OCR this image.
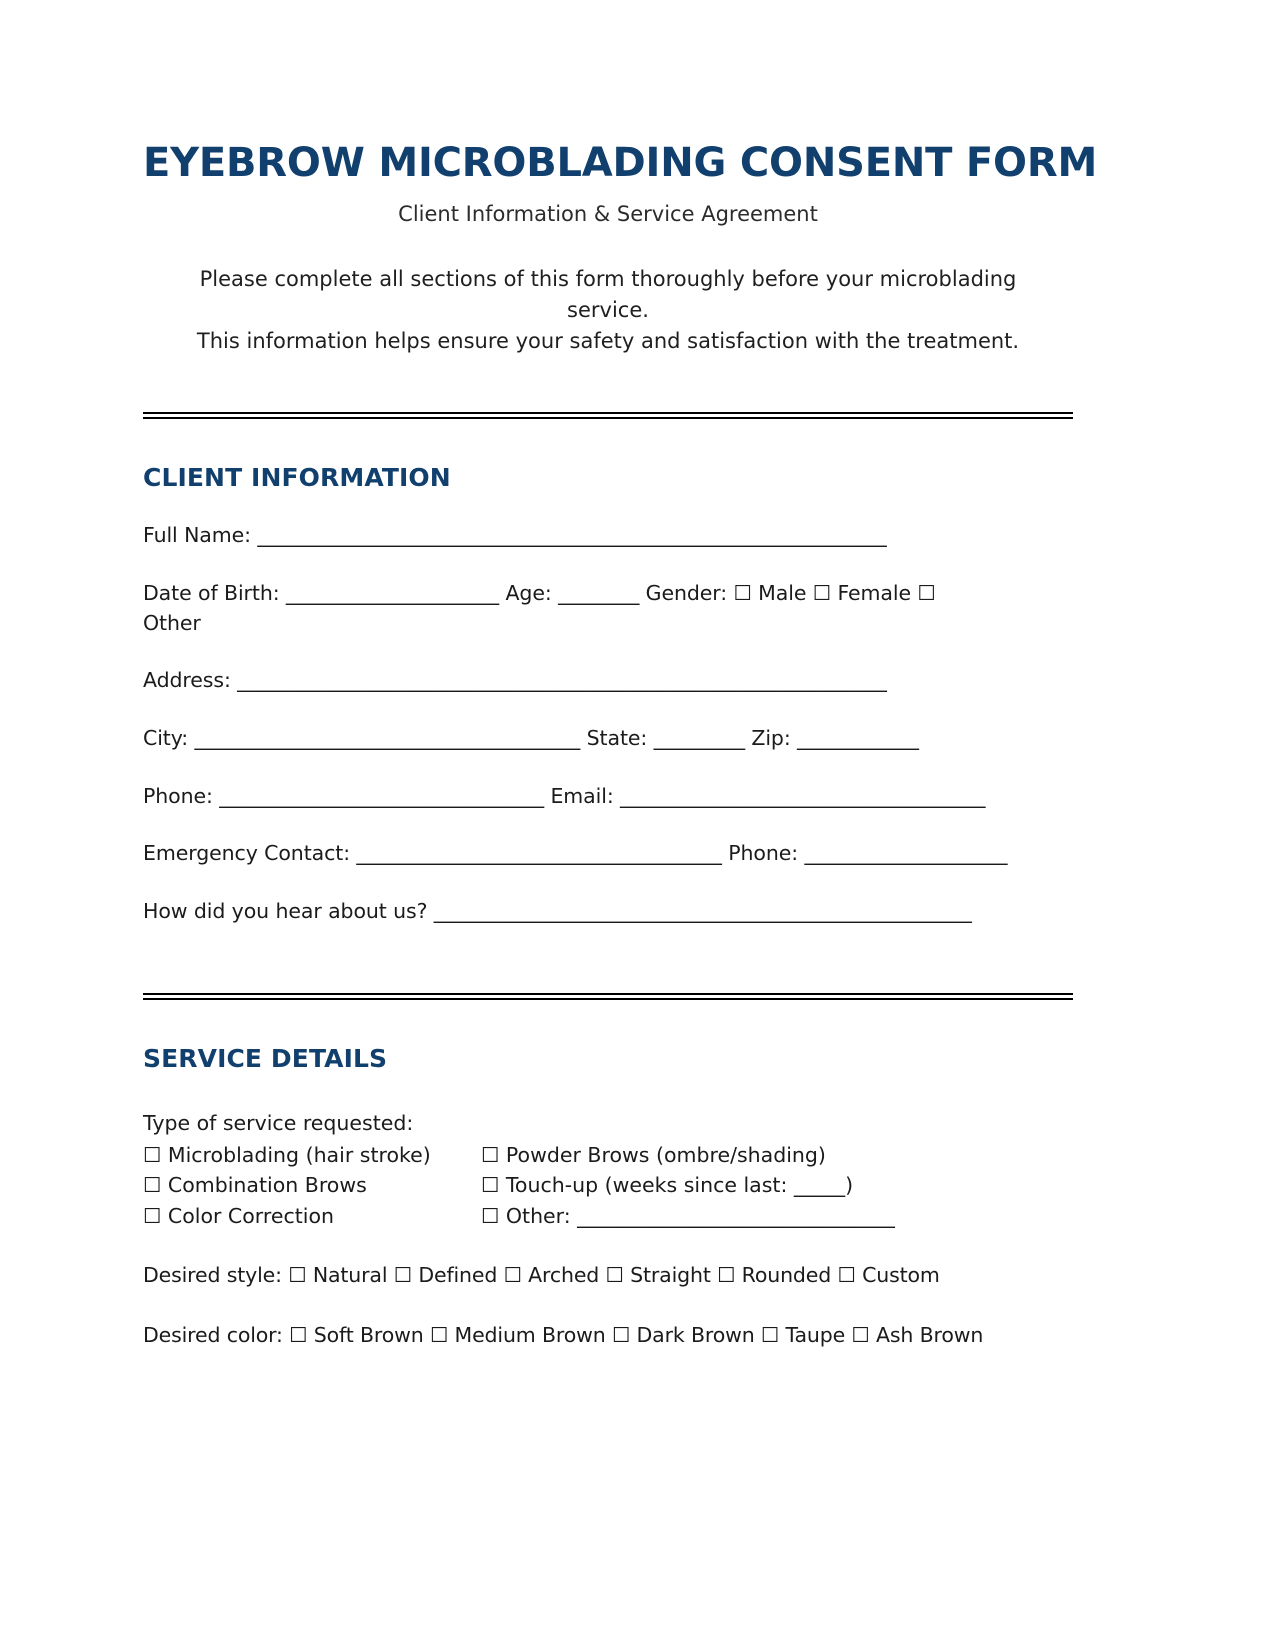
EYEBROW MICROBLADING CONSENT FORM

Client Information & Service Agreement

Please complete all sections of this form thoroughly before your microblading
service.
This information helps ensure your safety and satisfaction with the treatment.
CLIENT INFORMATION

Full Name: ______________________________________________________________

Date of Birth: _____________________ Age: ________ Gender: ☐ Male ☐ Female ☐
Other

Address: ________________________________________________________________

City: ______________________________________ State: _________ Zip: ____________

Phone: ________________________________ Email: ____________________________________

Emergency Contact: ____________________________________ Phone: ____________________

How did you hear about us? _____________________________________________________

SERVICE DETAILS

Type of service requested:

☐ Microblading (hair stroke)	☐ Powder Brows (ombre/shading)
☐ Combination Brows	☐ Touch-up (weeks since last: _____)
☐ Color Correction	☐ Other: _______________________________

Desired style: ☐ Natural ☐ Defined ☐ Arched ☐ Straight ☐ Rounded ☐ Custom

Desired color: ☐ Soft Brown ☐ Medium Brown ☐ Dark Brown ☐ Taupe ☐ Ash Brown
